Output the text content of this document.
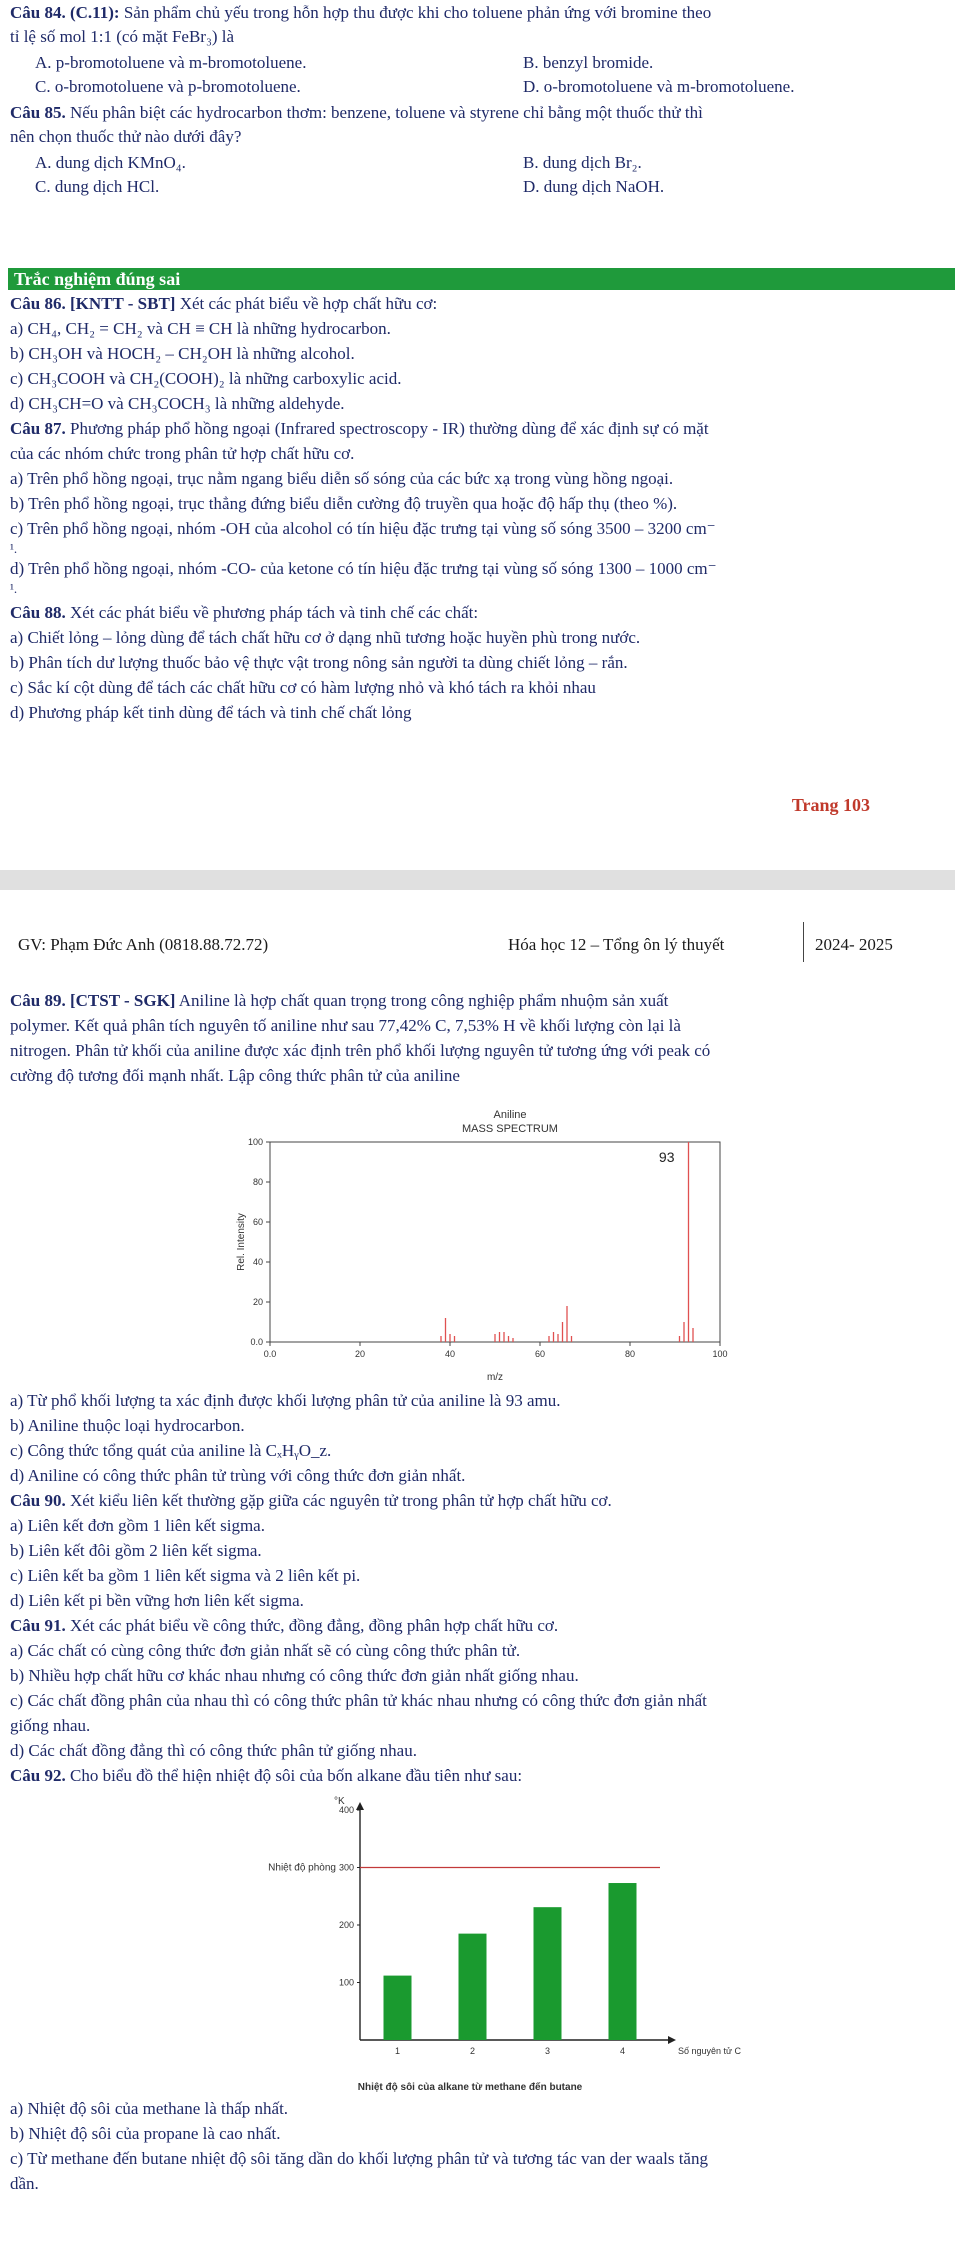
Câu 84. (C.11): Sản phẩm chủ yếu trong hỗn hợp thu được khi cho toluene phản ứng với bromine theo
tỉ lệ số mol 1:1 (có mặt FeBr₃) là
A. p-bromotoluene và m-bromotoluene.	B. benzyl bromide.
C. o-bromotoluene và p-bromotoluene.	D. o-bromotoluene và m-bromotoluene.
Câu 85. Nếu phân biệt các hydrocarbon thơm: benzene, toluene và styrene chỉ bằng một thuốc thử thì
nên chọn thuốc thử nào dưới đây?
A. dung dịch KMnO₄.	B. dung dịch Br₂.
C. dung dịch HCl.	D. dung dịch NaOH.
Trắc nghiệm đúng sai
Câu 86. [KNTT - SBT] Xét các phát biểu về hợp chất hữu cơ:
a) CH₄, CH₂ = CH₂ và CH ≡ CH là những hydrocarbon.
b) CH₃OH và HOCH₂ – CH₂OH là những alcohol.
c) CH₃COOH và CH₂(COOH)₂ là những carboxylic acid.
d) CH₃CH=O và CH₃COCH₃ là những aldehyde.
Câu 87. Phương pháp phổ hồng ngoại (Infrared spectroscopy - IR) thường dùng để xác định sự có mặt
của các nhóm chức trong phân tử hợp chất hữu cơ.
a) Trên phổ hồng ngoại, trục nằm ngang biểu diễn số sóng của các bức xạ trong vùng hồng ngoại.
b) Trên phổ hồng ngoại, trục thẳng đứng biểu diễn cường độ truyền qua hoặc độ hấp thụ (theo %).
c) Trên phổ hồng ngoại, nhóm -OH của alcohol có tín hiệu đặc trưng tại vùng số sóng 3500 – 3200 cm⁻
¹.
d) Trên phổ hồng ngoại, nhóm -CO- của ketone có tín hiệu đặc trưng tại vùng số sóng 1300 – 1000 cm⁻
¹.
Câu 88. Xét các phát biểu về phương pháp tách và tinh chế các chất:
a) Chiết lỏng – lỏng dùng để tách chất hữu cơ ở dạng nhũ tương hoặc huyền phù trong nước.
b) Phân tích dư lượng thuốc bảo vệ thực vật trong nông sản người ta dùng chiết lỏng – rắn.
c) Sắc kí cột dùng để tách các chất hữu cơ có hàm lượng nhỏ và khó tách ra khỏi nhau
d) Phương pháp kết tinh dùng để tách và tinh chế chất lỏng
Trang 103
GV: Phạm Đức Anh (0818.88.72.72)	Hóa học 12 – Tổng ôn lý thuyết	2024- 2025
Câu 89. [CTST - SGK] Aniline là hợp chất quan trọng trong công nghiệp phẩm nhuộm sản xuất
polymer. Kết quả phân tích nguyên tố aniline như sau 77,42% C, 7,53% H về khối lượng còn lại là
nitrogen. Phân tử khối của aniline được xác định trên phổ khối lượng nguyên tử tương ứng với peak có
cường độ tương đối mạnh nhất. Lập công thức phân tử của aniline
Aniline
MASS SPECTRUM
0.0
20
40
60
80
100
0.0	20	40	60	80	100
93
m/z
Rel. Intensity
a) Từ phổ khối lượng ta xác định được khối lượng phân tử của aniline là 93 amu.
b) Aniline thuộc loại hydrocarbon.
c) Công thức tổng quát của aniline là CₓHᵧO_z.
d) Aniline có công thức phân tử trùng với công thức đơn giản nhất.
Câu 90. Xét kiểu liên kết thường gặp giữa các nguyên tử trong phân tử hợp chất hữu cơ.
a) Liên kết đơn gồm 1 liên kết sigma.
b) Liên kết đôi gồm 2 liên kết sigma.
c) Liên kết ba gồm 1 liên kết sigma và 2 liên kết pi.
d) Liên kết pi bền vững hơn liên kết sigma.
Câu 91. Xét các phát biểu về công thức, đồng đẳng, đồng phân hợp chất hữu cơ.
a) Các chất có cùng công thức đơn giản nhất sẽ có cùng công thức phân tử.
b) Nhiều hợp chất hữu cơ khác nhau nhưng có công thức đơn giản nhất giống nhau.
c) Các chất đồng phân của nhau thì có công thức phân tử khác nhau nhưng có công thức đơn giản nhất
giống nhau.
d) Các chất đồng đẳng thì có công thức phân tử giống nhau.
Câu 92. Cho biểu đồ thể hiện nhiệt độ sôi của bốn alkane đầu tiên như sau:
°K
100
200
300
400
1	2	3	4
Nhiệt độ phòng
Số nguyên tử C
Nhiệt độ sôi của alkane từ methane đến butane
a) Nhiệt độ sôi của methane là thấp nhất.
b) Nhiệt độ sôi của propane là cao nhất.
c) Từ methane đến butane nhiệt độ sôi tăng dần do khối lượng phân tử và tương tác van der waals tăng
dần.
